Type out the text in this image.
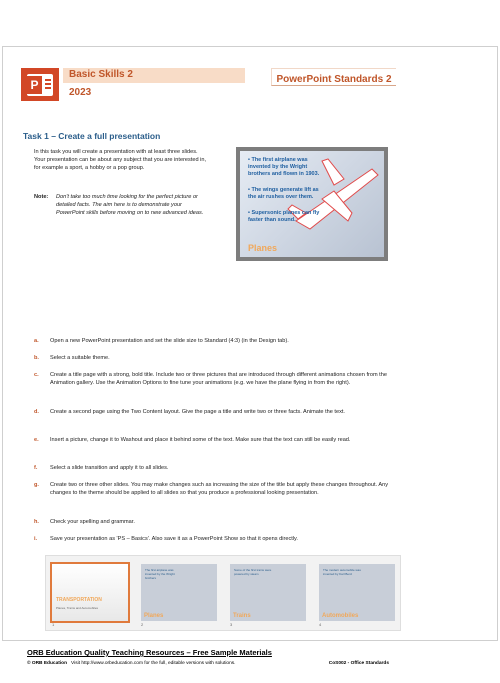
P
Basic Skills 2
2023
PowerPoint Standards 2
Task 1 – Create a full presentation
In this task you will create a presentation with at least three slides. Your presentation can be about any subject that you are interested in, for example a sport, a hobby or a pop group.
Note: Don't take too much time looking for the perfect picture or detailed facts. The aim here is to demonstrate your PowerPoint skills before moving on to new advanced ideas.
• The first airplane was invented by the Wright brothers and flown in 1903.
• The wings generate lift as the air rushes over them.
• Supersonic planes can fly faster than sound.
Planes
a. Open a new PowerPoint presentation and set the slide size to Standard (4:3) (in the Design tab).
b. Select a suitable theme.
c. Create a title page with a strong, bold title. Include two or three pictures that are introduced through different animations chosen from the Animation gallery. Use the Animation Options to fine tune your animations (e.g. we have the plane flying in from the right).
d. Create a second page using the Two Content layout. Give the page a title and write two or three facts. Animate the text.
e. Insert a picture, change it to Washout and place it behind some of the text. Make sure that the text can still be easily read.
f. Select a slide transition and apply it to all slides.
g. Create two or three other slides. You may make changes such as increasing the size of the title but apply these changes throughout. Any changes to the theme should be applied to all slides so that you produce a professional looking presentation.
h. Check your spelling and grammar.
i. Save your presentation as 'PS – Basics'. Also save it as a PowerPoint Show so that it opens directly.
TRANSPORTATION
Planes, Trains and Automobiles
1
The first airplane was invented by the Wright brothers
Planes
2
Some of the first trains were powered by steam
Trains
3
The modern automobile was invented by Karl Benz
Automobiles
4
ORB Education Quality Teaching Resources – Free Sample Materials
© ORB Education Visit http://www.orbeducation.com for the full, editable versions with solutions.	CoS002 - Office Standards
